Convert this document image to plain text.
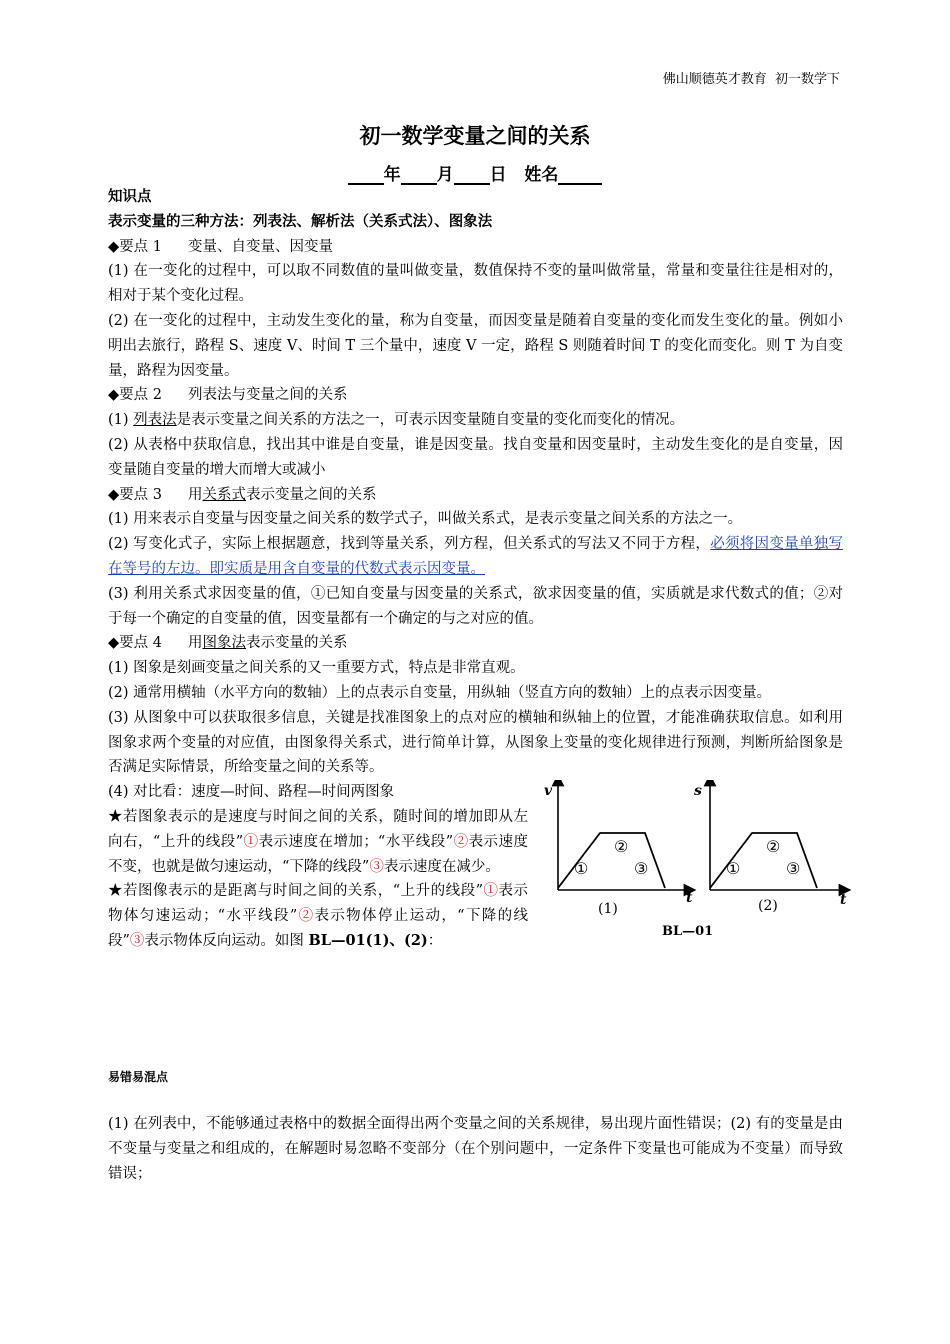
佛山顺德英才教育 初一数学下
初一数学变量之间的关系
年 月 日 姓名

知识点

表示变量的三种方法：列表法、解析法（关系式法）、图象法

◆要点 1 变量、自变量、因变量

(1) 在一变化的过程中，可以取不同数值的量叫做变量，数值保持不变的量叫做常量，常量和变量往往是相对的，相对于某个变化过程。

(2) 在一变化的过程中，主动发生变化的量，称为自变量，而因变量是随着自变量的变化而发生变化的量。例如小明出去旅行，路程 S、速度 V、时间 T 三个量中，速度 V 一定，路程 S 则随着时间 T 的变化而变化。则 T 为自变量，路程为因变量。

◆要点 2 列表法与变量之间的关系

(1) 列表法是表示变量之间关系的方法之一，可表示因变量随自变量的变化而变化的情况。

(2) 从表格中获取信息，找出其中谁是自变量，谁是因变量。找自变量和因变量时，主动发生变化的是自变量，因变量随自变量的增大而增大或减小

◆要点 3 用关系式表示变量之间的关系

(1) 用来表示自变量与因变量之间关系的数学式子，叫做关系式，是表示变量之间关系的方法之一。

(2) 写变化式子，实际上根据题意，找到等量关系，列方程，但关系式的写法又不同于方程，必须将因变量单独写在等号的左边。即实质是用含自变量的代数式表示因变量。

(3) 利用关系式求因变量的值，①已知自变量与因变量的关系式，欲求因变量的值，实质就是求代数式的值；②对于每一个确定的自变量的值，因变量都有一个确定的与之对应的值。

◆要点 4 用图象法表示变量的关系

(1) 图象是刻画变量之间关系的又一重要方式，特点是非常直观。

(2) 通常用横轴（水平方向的数轴）上的点表示自变量，用纵轴（竖直方向的数轴）上的点表示因变量。

(3) 从图象中可以获取很多信息，关键是找准图象上的点对应的横轴和纵轴上的位置，才能准确获取信息。如利用图象求两个变量的对应值，由图象得关系式，进行简单计算，从图象上变量的变化规律进行预测，判断所給图象是否满足实际情景，所给变量之间的关系等。

(4) 对比看：速度—时间、路程—时间两图象

★若图象表示的是速度与时间之间的关系，随时间的增加即从左向右，“上升的线段”①表示速度在增加；“水平线段”②表示速度不变，也就是做匀速运动，“下降的线段”③表示速度在减少。

★若图像表示的是距离与时间之间的关系，“上升的线段”①表示物体匀速运动；“水平线段”②表示物体停止运动，“下降的线段”③表示物体反向运动。如图 BL—01(1)、(2)：

v
t
①
②
③
(1)
s
t
①
②
③
(2)
BL—01
易错易混点
(1) 在列表中，不能够通过表格中的数据全面得出两个变量之间的关系规律，易出现片面性错误；(2) 有的变量是由不变量与变量之和组成的，在解题时易忽略不变部分（在个别问题中，一定条件下变量也可能成为不变量）而导致错误；
